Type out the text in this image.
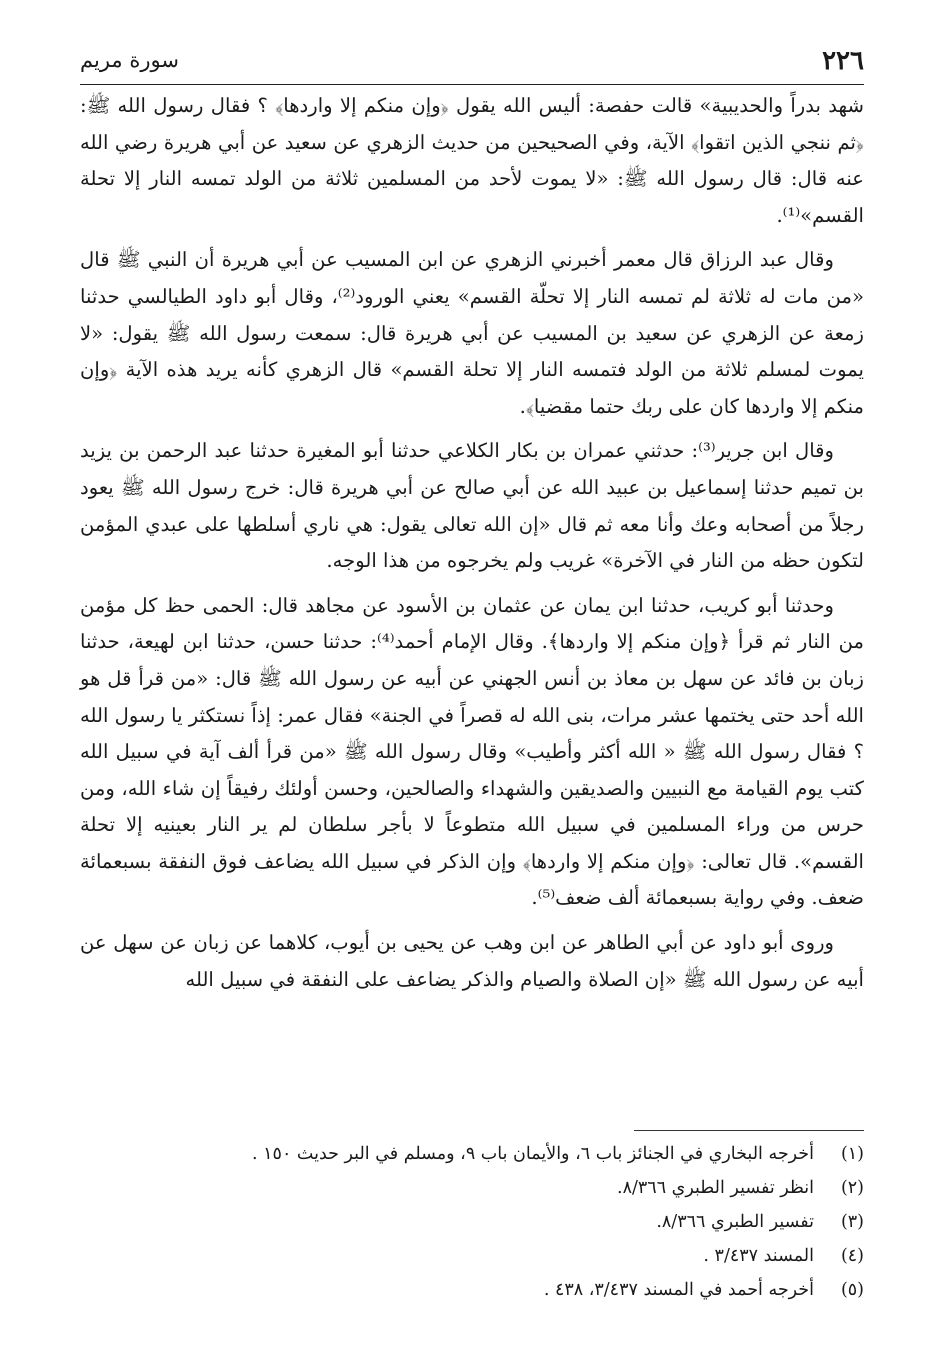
٢٢٦
سورة مريم

شهد بدراً والحديبية» قالت حفصة: أليس الله يقول ﴿وإن منكم إلا واردها﴾ ؟ فقال رسول الله ﷺ: ﴿ثم ننجي الذين اتقوا﴾ الآية، وفي الصحيحين من حديث الزهري عن سعيد عن أبي هريرة رضي الله عنه قال: قال رسول الله ﷺ: «لا يموت لأحد من المسلمين ثلاثة من الولد تمسه النار إلا تحلة القسم»⁽¹⁾.

وقال عبد الرزاق قال معمر أخبرني الزهري عن ابن المسيب عن أبي هريرة أن النبي ﷺ قال «من مات له ثلاثة لم تمسه النار إلا تحلّة القسم» يعني الورود⁽²⁾، وقال أبو داود الطيالسي حدثنا زمعة عن الزهري عن سعيد بن المسيب عن أبي هريرة قال: سمعت رسول الله ﷺ يقول: «لا يموت لمسلم ثلاثة من الولد فتمسه النار إلا تحلة القسم» قال الزهري كأنه يريد هذه الآية ﴿وإن منكم إلا واردها كان على ربك حتما مقضيا﴾.

وقال ابن جرير⁽³⁾: حدثني عمران بن بكار الكلاعي حدثنا أبو المغيرة حدثنا عبد الرحمن بن يزيد بن تميم حدثنا إسماعيل بن عبيد الله عن أبي صالح عن أبي هريرة قال: خرج رسول الله ﷺ يعود رجلاً من أصحابه وعك وأنا معه ثم قال «إن الله تعالى يقول: هي ناري أسلطها على عبدي المؤمن لتكون حظه من النار في الآخرة» غريب ولم يخرجوه من هذا الوجه.

وحدثنا أبو كريب، حدثنا ابن يمان عن عثمان بن الأسود عن مجاهد قال: الحمى حظ كل مؤمن من النار ثم قرأ ﴿وإن منكم إلا واردها﴾. وقال الإمام أحمد⁽⁴⁾: حدثنا حسن، حدثنا ابن لهيعة، حدثنا زبان بن فائد عن سهل بن معاذ بن أنس الجهني عن أبيه عن رسول الله ﷺ قال: «من قرأ قل هو الله أحد حتى يختمها عشر مرات، بنى الله له قصراً في الجنة» فقال عمر: إذاً نستكثر يا رسول الله ؟ فقال رسول الله ﷺ « الله أكثر وأطيب» وقال رسول الله ﷺ «من قرأ ألف آية في سبيل الله كتب يوم القيامة مع النبيين والصديقين والشهداء والصالحين، وحسن أولئك رفيقاً إن شاء الله، ومن حرس من وراء المسلمين في سبيل الله متطوعاً لا بأجر سلطان لم ير النار بعينيه إلا تحلة القسم». قال تعالى: ﴿وإن منكم إلا واردها﴾ وإن الذكر في سبيل الله يضاعف فوق النفقة بسبعمائة ضعف. وفي رواية بسبعمائة ألف ضعف⁽⁵⁾.

وروى أبو داود عن أبي الطاهر عن ابن وهب عن يحيى بن أيوب، كلاهما عن زبان عن سهل عن أبيه عن رسول الله ﷺ «إن الصلاة والصيام والذكر يضاعف على النفقة في سبيل الله

(١)
أخرجه البخاري في الجنائز باب ٦، والأيمان باب ٩، ومسلم في البر حديث ١٥٠ .
(٢)
انظر تفسير الطبري ٨/٣٦٦.
(٣)
تفسير الطبري ٨/٣٦٦.
(٤)
المسند ٣/٤٣٧ .
(٥)
أخرجه أحمد في المسند ٣/٤٣٧، ٤٣٨ .
